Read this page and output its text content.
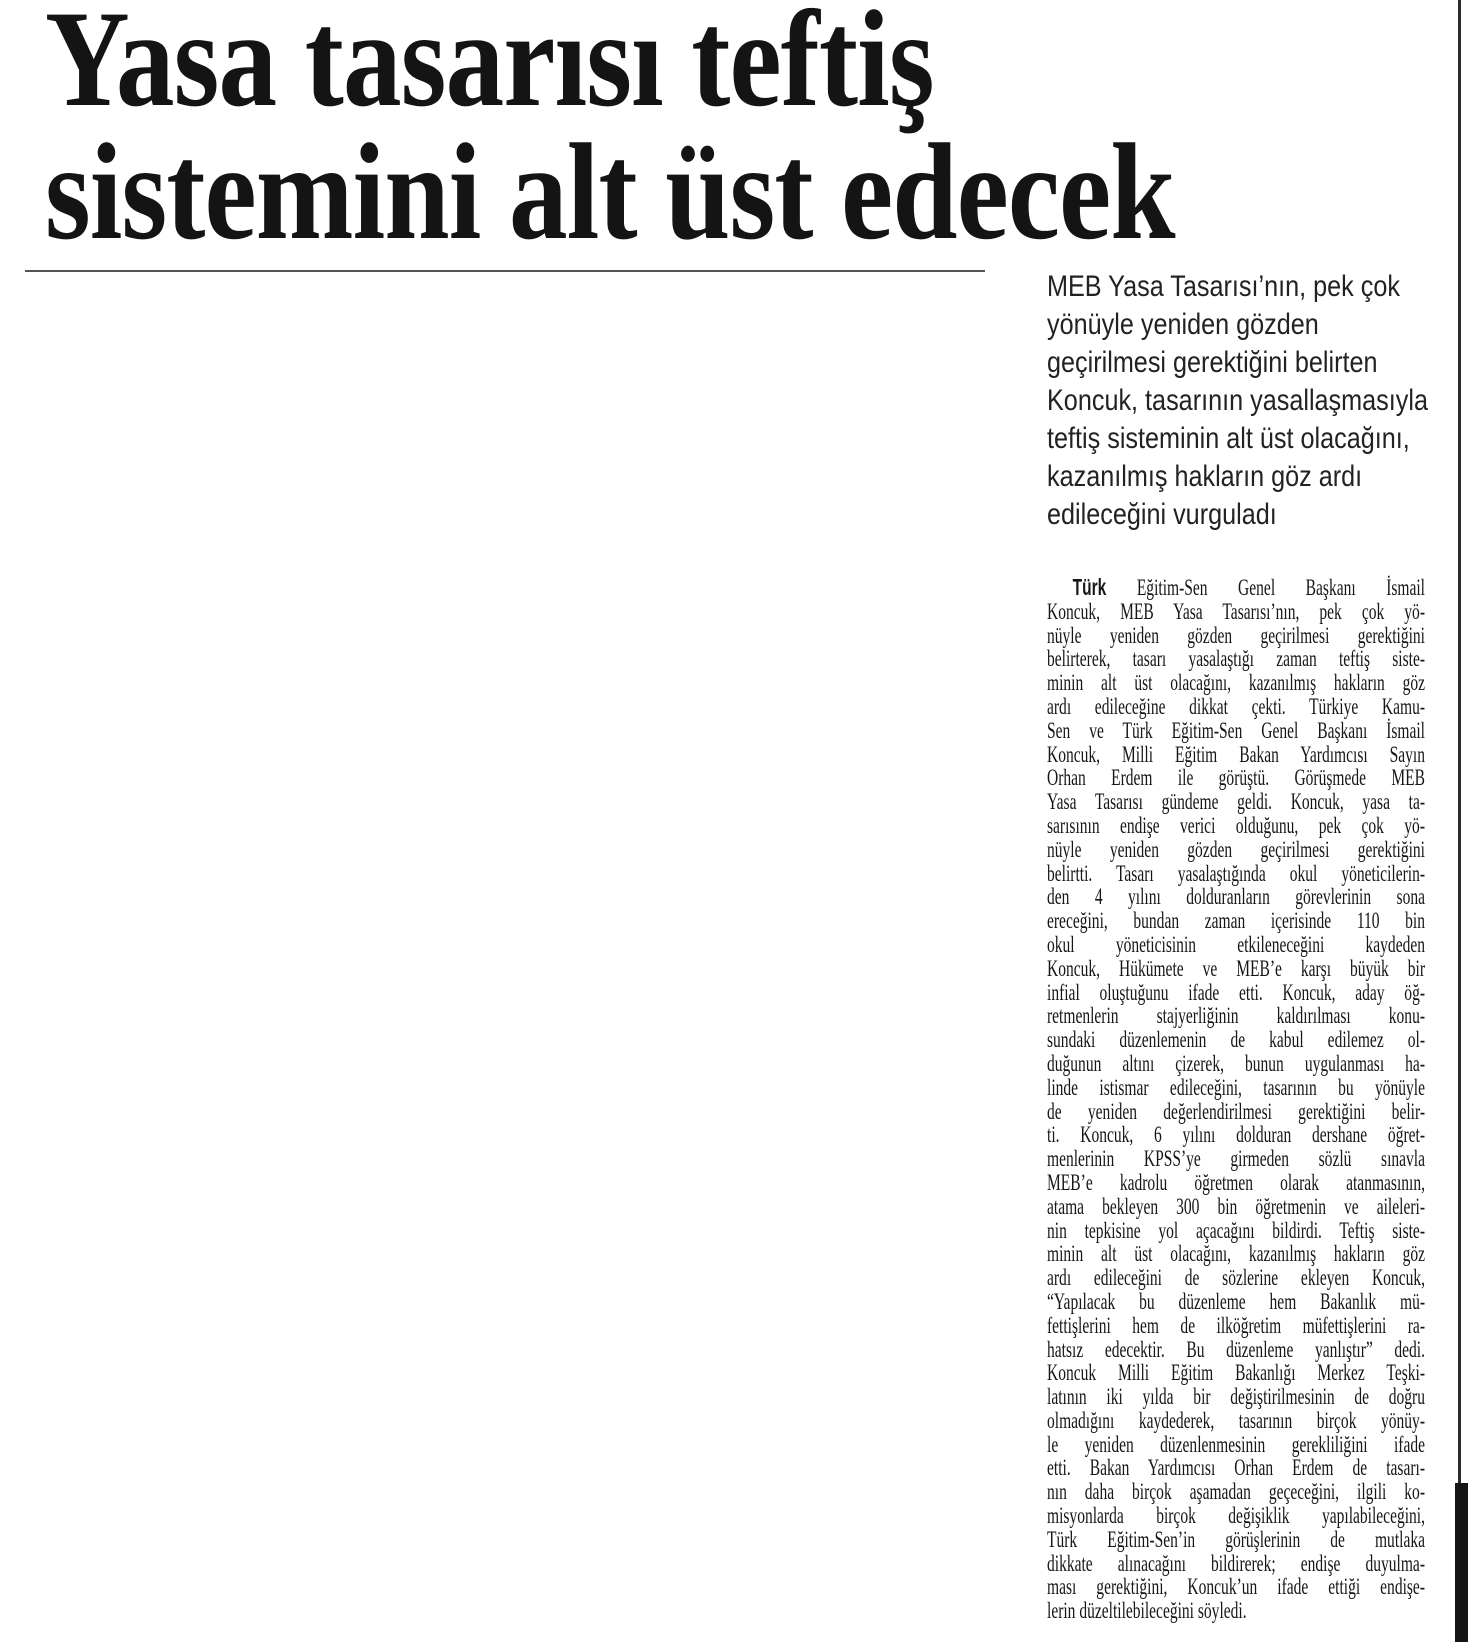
Yasa tasarısı teftiş
sistemini alt üst edecek
MEB Yasa Tasarısı’nın, pek çok
yönüyle yeniden gözden
geçirilmesi gerektiğini belirten
Koncuk, tasarının yasallaşmasıyla
teftiş sisteminin alt üst olacağını,
kazanılmış hakların göz ardı
edileceğini vurguladı
Türk Eğitim-Sen Genel Başkanı İsmail
Koncuk, MEB Yasa Tasarısı’nın, pek çok yö-
nüyle yeniden gözden geçirilmesi gerektiğini
belirterek, tasarı yasalaştığı zaman teftiş siste-
minin alt üst olacağını, kazanılmış hakların göz
ardı edileceğine dikkat çekti. Türkiye Kamu-
Sen ve Türk Eğitim-Sen Genel Başkanı İsmail
Koncuk, Milli Eğitim Bakan Yardımcısı Sayın
Orhan Erdem ile görüştü. Görüşmede MEB
Yasa Tasarısı gündeme geldi. Koncuk, yasa ta-
sarısının endişe verici olduğunu, pek çok yö-
nüyle yeniden gözden geçirilmesi gerektiğini
belirtti. Tasarı yasalaştığında okul yöneticilerin-
den 4 yılını dolduranların görevlerinin sona
ereceğini, bundan zaman içerisinde 110 bin
okul yöneticisinin etkileneceğini kaydeden
Koncuk, Hükümete ve MEB’e karşı büyük bir
infial oluştuğunu ifade etti. Koncuk, aday öğ-
retmenlerin stajyerliğinin kaldırılması konu-
sundaki düzenlemenin de kabul edilemez ol-
duğunun altını çizerek, bunun uygulanması ha-
linde istismar edileceğini, tasarının bu yönüyle
de yeniden değerlendirilmesi gerektiğini belir-
ti. Koncuk, 6 yılını dolduran dershane öğret-
menlerinin KPSS’ye girmeden sözlü sınavla
MEB’e kadrolu öğretmen olarak atanmasının,
atama bekleyen 300 bin öğretmenin ve aileleri-
nin tepkisine yol açacağını bildirdi. Teftiş siste-
minin alt üst olacağını, kazanılmış hakların göz
ardı edileceğini de sözlerine ekleyen Koncuk,
“Yapılacak bu düzenleme hem Bakanlık mü-
fettişlerini hem de ilköğretim müfettişlerini ra-
hatsız edecektir. Bu düzenleme yanlıştır” dedi.
Koncuk Milli Eğitim Bakanlığı Merkez Teşki-
latının iki yılda bir değiştirilmesinin de doğru
olmadığını kaydederek, tasarının birçok yönüy-
le yeniden düzenlenmesinin gerekliliğini ifade
etti. Bakan Yardımcısı Orhan Erdem de tasarı-
nın daha birçok aşamadan geçeceğini, ilgili ko-
misyonlarda birçok değişiklik yapılabileceğini,
Türk Eğitim-Sen’in görüşlerinin de mutlaka
dikkate alınacağını bildirerek; endişe duyulma-
ması gerektiğini, Koncuk’un ifade ettiği endişe-
lerin düzeltilebileceğini söyledi.
